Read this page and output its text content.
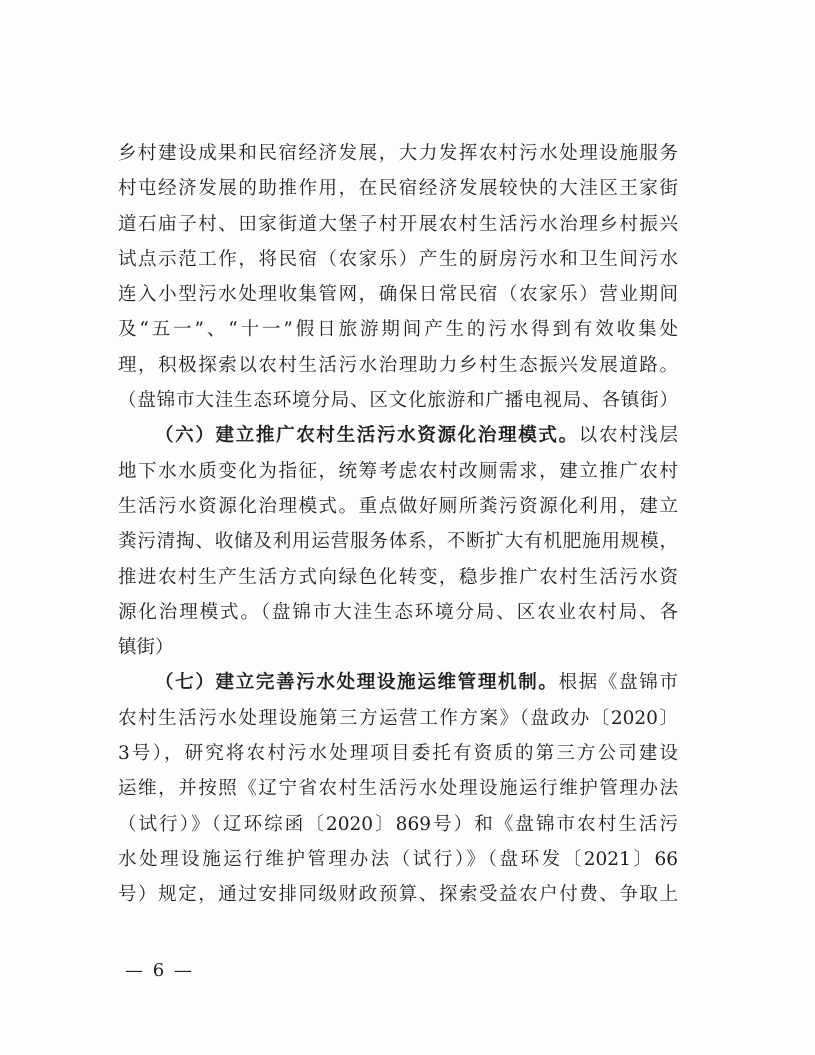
乡村建设成果和民宿经济发展，大力发挥农村污水处理设施服务
村屯经济发展的助推作用，在民宿经济发展较快的大洼区王家街
道石庙子村、田家街道大堡子村开展农村生活污水治理乡村振兴
试点示范工作，将民宿（农家乐）产生的厨房污水和卫生间污水
连入小型污水处理收集管网，确保日常民宿（农家乐）营业期间
及“五一”、“十一”假日旅游期间产生的污水得到有效收集处
理，积极探索以农村生活污水治理助力乡村生态振兴发展道路。
（盘锦市大洼生态环境分局、区文化旅游和广播电视局、各镇街）
（六）建立推广农村生活污水资源化治理模式。以农村浅层
地下水水质变化为指征，统筹考虑农村改厕需求，建立推广农村
生活污水资源化治理模式。重点做好厕所粪污资源化利用，建立
粪污清掏、收储及利用运营服务体系，不断扩大有机肥施用规模，
推进农村生产生活方式向绿色化转变，稳步推广农村生活污水资
源化治理模式。（盘锦市大洼生态环境分局、区农业农村局、各
镇街）
（七）建立完善污水处理设施运维管理机制。根据《盘锦市
农村生活污水处理设施第三方运营工作方案》（盘政办〔2020〕
3号），研究将农村污水处理项目委托有资质的第三方公司建设
运维，并按照《辽宁省农村生活污水处理设施运行维护管理办法
（试行）》（辽环综函〔2020〕869号）和《盘锦市农村生活污
水处理设施运行维护管理办法（试行）》（盘环发〔2021〕66
号）规定，通过安排同级财政预算、探索受益农户付费、争取上
— 6 —
